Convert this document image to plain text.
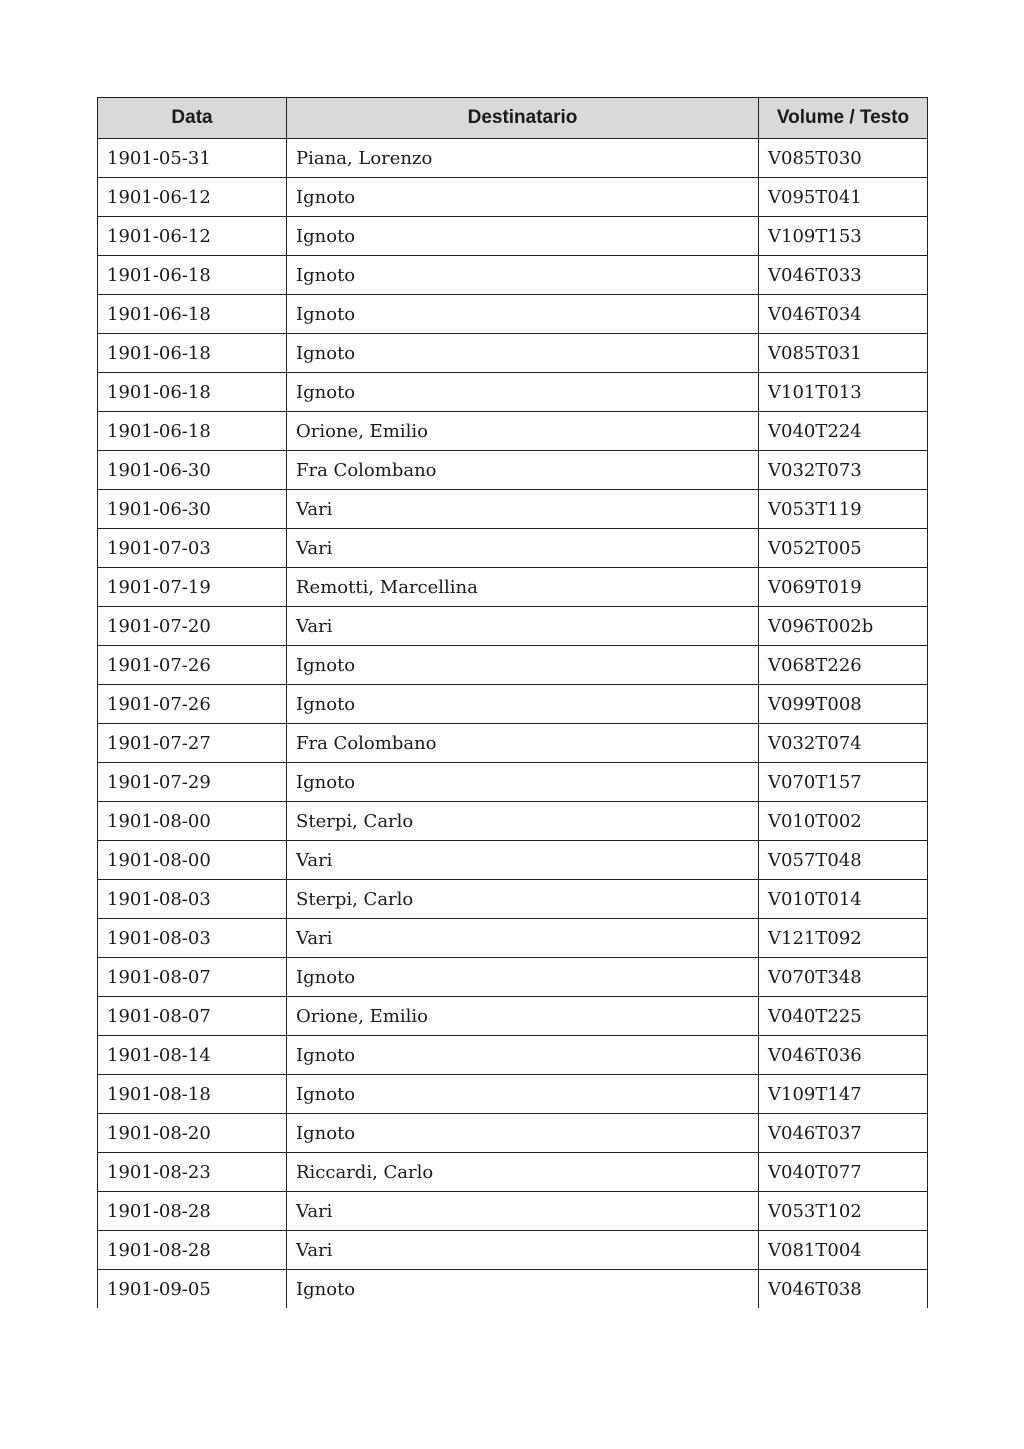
Data	Destinatario	Volume / Testo
1901-05-31	Piana, Lorenzo	V085T030
1901-06-12	Ignoto	V095T041
1901-06-12	Ignoto	V109T153
1901-06-18	Ignoto	V046T033
1901-06-18	Ignoto	V046T034
1901-06-18	Ignoto	V085T031
1901-06-18	Ignoto	V101T013
1901-06-18	Orione, Emilio	V040T224
1901-06-30	Fra Colombano	V032T073
1901-06-30	Vari	V053T119
1901-07-03	Vari	V052T005
1901-07-19	Remotti, Marcellina	V069T019
1901-07-20	Vari	V096T002b
1901-07-26	Ignoto	V068T226
1901-07-26	Ignoto	V099T008
1901-07-27	Fra Colombano	V032T074
1901-07-29	Ignoto	V070T157
1901-08-00	Sterpi, Carlo	V010T002
1901-08-00	Vari	V057T048
1901-08-03	Sterpi, Carlo	V010T014
1901-08-03	Vari	V121T092
1901-08-07	Ignoto	V070T348
1901-08-07	Orione, Emilio	V040T225
1901-08-14	Ignoto	V046T036
1901-08-18	Ignoto	V109T147
1901-08-20	Ignoto	V046T037
1901-08-23	Riccardi, Carlo	V040T077
1901-08-28	Vari	V053T102
1901-08-28	Vari	V081T004
1901-09-05	Ignoto	V046T038
